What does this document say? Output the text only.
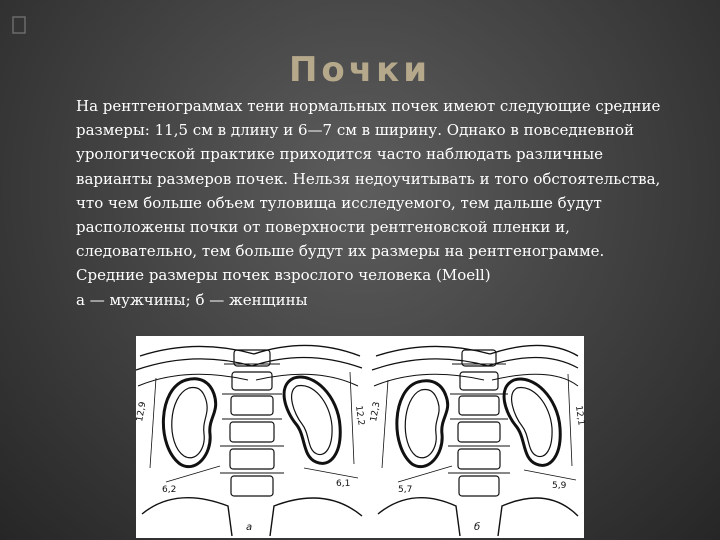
Почки
На рентгенограммах тени нормальных почек имеют следующие средние
размеры: 11,5 см в длину и 6—7 см в ширину. Однако в повседневной
урологической практике приходится часто наблюдать различные
варианты размеров почек. Нельзя недоучитывать и того обстоятельства,
что чем больше объем туловища исследуемого, тем дальше будут
расположены почки от поверхности рентгеновской пленки и,
следовательно, тем больше будут их размеры на рентгенограмме.
Средние размеры почек взрослого человека (Moell)
а — мужчины; б — женщины
12,9
6,2
12,2
6,1
а
12,3
5,7
12,1
5,9
б
